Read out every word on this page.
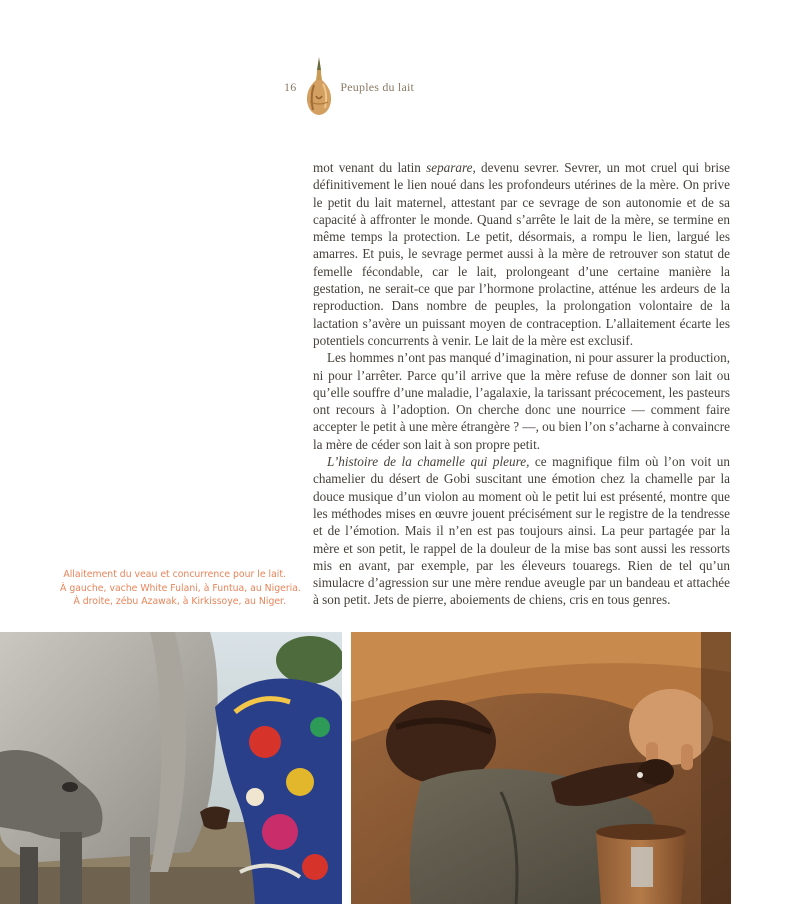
16	Peuples du lait

mot venant du latin separare, devenu sevrer. Sevrer, un mot cruel qui brise définitivement le lien noué dans les profondeurs utérines de la mère. On prive le petit du lait maternel, attestant par ce sevrage de son autonomie et de sa capacité à affronter le monde. Quand s’arrête le lait de la mère, se termine en même temps la protection. Le petit, désormais, a rompu le lien, largué les amarres. Et puis, le sevrage permet aussi à la mère de retrouver son statut de femelle fécondable, car le lait, prolongeant d’une certaine manière la gestation, ne serait-ce que par l’hormone prolactine, atténue les ardeurs de la reproduction. Dans nombre de peuples, la prolongation volontaire de la lactation s’avère un puissant moyen de contraception. L’allaitement écarte les potentiels concurrents à venir. Le lait de la mère est exclusif.

Les hommes n’ont pas manqué d’imagination, ni pour assurer la production, ni pour l’arrêter. Parce qu’il arrive que la mère refuse de donner son lait ou qu’elle souffre d’une maladie, l’agalaxie, la tarissant précocement, les pasteurs ont recours à l’adoption. On cherche donc une nourrice — comment faire accepter le petit à une mère étrangère ? —, ou bien l’on s’acharne à convaincre la mère de céder son lait à son propre petit.

L’histoire de la chamelle qui pleure, ce magnifique film où l’on voit un chamelier du désert de Gobi suscitant une émotion chez la chamelle par la douce musique d’un violon au moment où le petit lui est présenté, montre que les méthodes mises en œuvre jouent précisément sur le registre de la tendresse et de l’émotion. Mais il n’en est pas toujours ainsi. La peur partagée par la mère et son petit, le rappel de la douleur de la mise bas sont aussi les ressorts mis en avant, par exemple, par les éleveurs touaregs. Rien de tel qu’un simulacre d’agression sur une mère rendue aveugle par un bandeau et attachée à son petit. Jets de pierre, aboiements de chiens, cris en tous genres.

Allaitement du veau et concurrence pour le lait.
À gauche, vache White Fulani, à Funtua, au Nigeria.
À droite, zébu Azawak, à Kirkissoye, au Niger.
